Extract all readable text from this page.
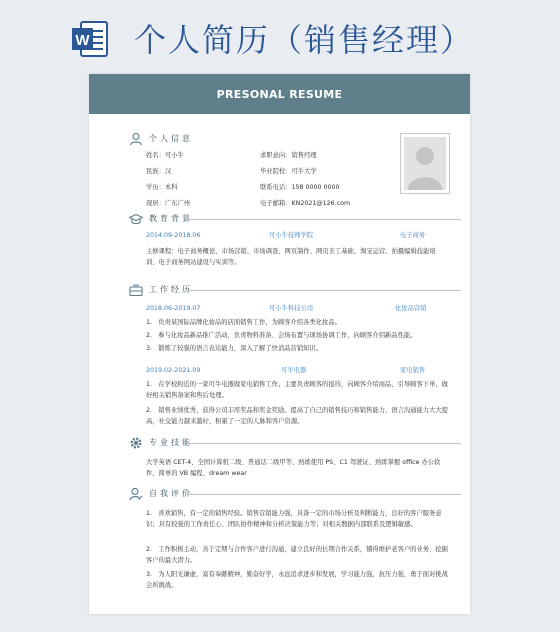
W 个人简历（销售经理）
PRESONAL RESUME
个人信息
姓名：可小牛
民族：汉
学历：本科
现居：广东广州
求职意向：销售经理
毕业院校：可牛大学
联系电话：158 0000 0000
电子邮箱：KN2021@126.com
教育背景
2014.09-2018.06	可小牛技师学院	电子商务
主修课程：电子商务概论、市场营销、市场调查、网页制作、网页美工基础、淘宝运营、拍摄编辑技能培训、电子商务网站建设与实训等。
工作经历
2018.06-2019.07	可小牛科技公司	化妆品营销
1.　负责某国际品牌化妆品的店面销售工作，为顾客介绍各类化妆品。
2.　参与化妆品新品推广活动，负责物料准备、会场布置与现场协调工作，向顾客介绍新品性能。
3.　锻炼了较强的语言表达能力，深入了解了快消品营销知识。
2019.02-2021.09	可牛电器	家电销售
1.　在学校附近的一家可牛电器做家电销售工作。主要负责顾客的接待，向顾客介绍商品，引导顾客下单，做好相关销售备案和售后处理。
2.　销售业绩优秀，获得公司丰厚奖品和奖金奖励。提高了自己的销售技巧和销售能力，语言沟通能力大大提高，社交能力越来越好，积累了一定的人脉和客户资源。
专业技能
大学英语 CET-4、全国计算机二级、普通话二级甲等、熟练使用 PS、C1 驾驶证、熟练掌握 office 办公软件，简单的 VB 编程、dream wear
自我评价
1.　喜欢销售，有一定的销售经验。销售营销能力强，具备一定的市场分析及判断能力，良好的客户服务意识；具有较强的工作责任心、团队协作精神和分析决策能力等；对相关数据内部联系及逻辑敏感。
2.　工作积极主动，善于定期与合作客户进行沟通，建立良好的长期合作关系，懂得维护老客户的业务，挖掘客户的最大潜力。
3.　为人阳光谦虚，富有奉献精神，勤奋好学，永远追求进步和发展，学习能力强，抗压力强，勇于面对挑战会所挑战。
